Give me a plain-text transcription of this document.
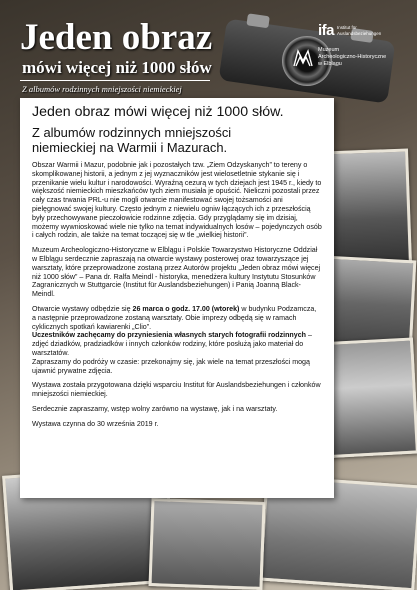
Jeden obraz
mówi więcej niż 1000 słów

Z albumów rodzinnych mniejszości niemieckiej

ifa Institut für
Auslandsbeziehungen
Muzeum
Archeologiczno-Historyczne
w Elblągu
Jeden obraz mówi więcej niż 1000 słów.
Z albumów rodzinnych mniejszości
niemieckiej na Warmii i Mazurach.

Obszar Warmii i Mazur, podobnie jak i pozostałych tzw. „Ziem Odzyskanych” to tereny o skomplikowanej historii, a jednym z jej wyznaczników jest wielosetletnie stykanie się i przenikanie wielu kultur i narodowości. Wyraźną cezurą w tych dziejach jest 1945 r., kiedy to większość niemieckich mieszkańców tych ziem musiała je opuścić. Nieliczni pozostali przez cały czas trwania PRL-u nie mogli otwarcie manifestować swojej tożsamości ani pielęgnować swojej kultury. Często jednym z niewielu ogniw łączących ich z przeszłością były przechowywane pieczołowicie rodzinne zdjęcia. Gdy przyglądamy się im dzisiaj, możemy wywnioskować wiele nie tylko na temat indywidualnych losów – pojedynczych osób i całych rodzin, ale także na temat toczącej się w tle „wielkiej historii”.

Muzeum Archeologiczno-Historyczne w Elblągu i Polskie Towarzystwo Historyczne Oddział w Elblągu serdecznie zapraszają na otwarcie wystawy posterowej oraz towarzyszące jej warsztaty, które przeprowadzone zostaną przez Autorów projektu „Jeden obraz mówi więcej niż 1000 słów” – Pana dr. Ralfa Meindl - historyka, menedżera kultury Instytutu Stosunków Zagranicznych w Stuttgarcie (Institut für Auslandsbeziehungen) i Panią Joanną Black-Meindl.

Otwarcie wystawy odbędzie się 26 marca o godz. 17.00 (wtorek) w budynku Podzamcza, a następnie przeprowadzone zostaną warsztaty. Obie imprezy odbędą się w ramach cyklicznych spotkań kawiarenki „Clio”.
Uczestników zachęcamy do przyniesienia własnych starych fotografii rodzinnych – zdjęć dziadków, pradziadków i innych członków rodziny, które posłużą jako materiał do warsztatów.
Zapraszamy do podróży w czasie: przekonajmy się, jak wiele na temat przeszłości mogą ujawnić prywatne zdjęcia.

Wystawa została przygotowana dzięki wsparciu Institut für Auslandsbeziehungen i członków mniejszości niemieckiej.

Serdecznie zapraszamy, wstęp wolny zarówno na wystawę, jak i na warsztaty.

Wystawa czynna do 30 września 2019 r.
